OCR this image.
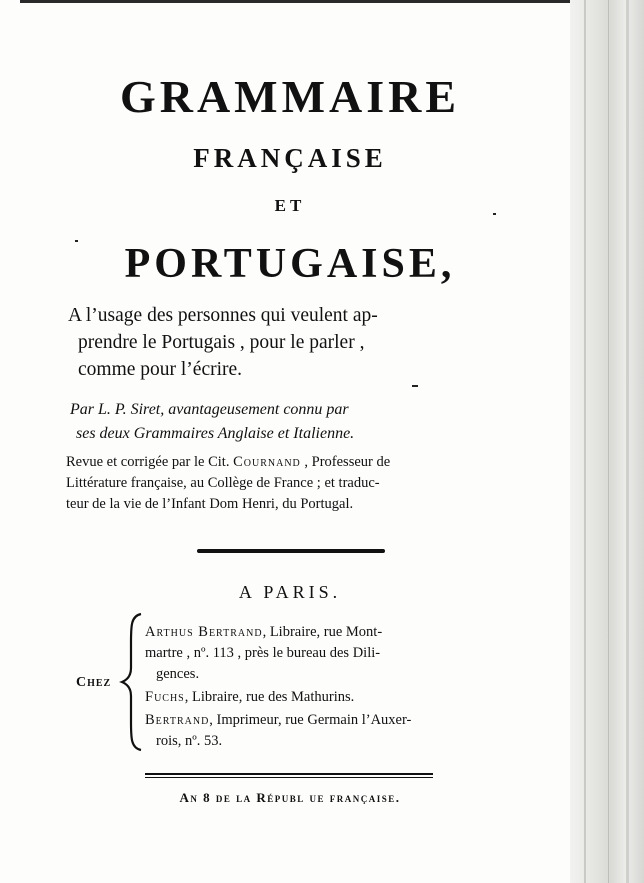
GRAMMAIRE
FRANÇAISE
ET
PORTUGAISE,
A l’usage des personnes qui veulent ap-
prendre le Portugais , pour le parler ,
comme pour l’écrire.
Par L. P. Siret, avantageusement connu par
ses deux Grammaires Anglaise et Italienne.
Revue et corrigée par le Cit. Cournand , Professeur de
Littérature française, au Collège de France ; et traduc-
teur de la vie de l’Infant Dom Henri, du Portugal.
A PARIS.
Chez
Arthus Bertrand, Libraire, rue Mont-
martre , nº. 113 , près le bureau des Dili-
gences.
Fuchs, Libraire, rue des Mathurins.
Bertrand, Imprimeur, rue Germain l’Auxer-
rois, nº. 53.
An 8 de la Républ ue française.
